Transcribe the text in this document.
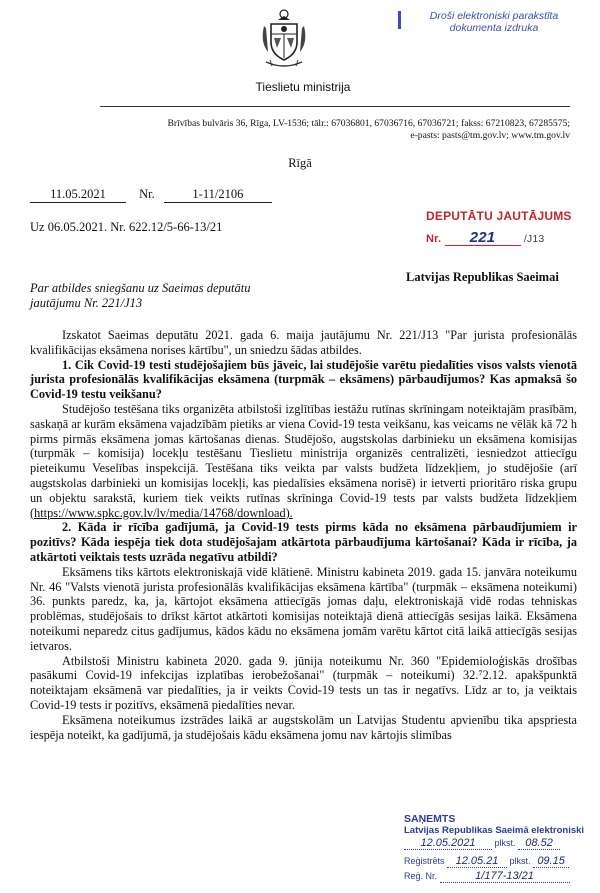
Tieslietu ministrija
Droši elektroniski parakstīta
dokumenta izdruka
Brīvības bulvāris 36, Rīga, LV-1536; tālr.: 67036801, 67036716, 67036721; fakss: 67210823, 67285575;
e-pasts: pasts@tm.gov.lv; www.tm.gov.lv
Rīgā
11.05.2021	Nr.	1-11/2106
Uz 06.05.2021. Nr. 622.12/5-66-13/21
DEPUTĀTU JAUTĀJUMS
Nr. 221	/J13
Par atbildes sniegšanu uz Saeimas deputātu
jautājumu Nr. 221/J13
Latvijas Republikas Saeimai

Izskatot Saeimas deputātu 2021. gada 6. maija jautājumu Nr. 221/J13 "Par jurista profesionālās kvalifikācijas eksāmena norises kārtību", un sniedzu šādas atbildes.

1. Cik Covid-19 testi studējošajiem būs jāveic, lai studējošie varētu piedalīties visos valsts vienotā jurista profesionālās kvalifikācijas eksāmena (turpmāk – eksāmens) pārbaudījumos? Kas apmaksā šo Covid-19 testu veikšanu?

Studējošo testēšana tiks organizēta atbilstoši izglītības iestāžu rutīnas skrīningam noteiktajām prasībām, saskaņā ar kurām eksāmena vajadzībām pietiks ar viena Covid-19 testa veikšanu, kas veicams ne vēlāk kā 72 h pirms pirmās eksāmena jomas kārtošanas dienas. Studējošo, augstskolas darbinieku un eksāmena komisijas (turpmāk – komisija) locekļu testēšanu Tieslietu ministrija organizēs centralizēti, iesniedzot attiecīgu pieteikumu Veselības inspekcijā. Testēšana tiks veikta par valsts budžeta līdzekļiem, jo studējošie (arī augstskolas darbinieki un komisijas locekļi, kas piedalīsies eksāmena norisē) ir ietverti prioritāro riska grupu un objektu sarakstā, kuriem tiek veikts rutīnas skrīninga Covid-19 tests par valsts budžeta līdzekļiem (https://www.spkc.gov.lv/lv/media/14768/download).

2. Kāda ir rīcība gadījumā, ja Covid-19 tests pirms kāda no eksāmena pārbaudījumiem ir pozitīvs? Kāda iespēja tiek dota studējošajam atkārtota pārbaudījuma kārtošanai? Kāda ir rīcība, ja atkārtoti veiktais tests uzrāda negatīvu atbildi?

Eksāmens tiks kārtots elektroniskajā vidē klātienē. Ministru kabineta 2019. gada 15. janvāra noteikumu Nr. 46 "Valsts vienotā jurista profesionālās kvalifikācijas eksāmena kārtība" (turpmāk – eksāmena noteikumi) 36. punkts paredz, ka, ja, kārtojot eksāmena attiecīgās jomas daļu, elektroniskajā vidē rodas tehniskas problēmas, studējošais to drīkst kārtot atkārtoti komisijas noteiktajā dienā attiecīgās sesijas laikā. Eksāmena noteikumi neparedz citus gadījumus, kādos kādu no eksāmena jomām varētu kārtot citā laikā attiecīgās sesijas ietvaros.

Atbilstoši Ministru kabineta 2020. gada 9. jūnija noteikumu Nr. 360 "Epidemioloģiskās drošības pasākumi Covid-19 infekcijas izplatības ierobežošanai" (turpmāk – noteikumi) 32.⁷2.12. apakšpunktā noteiktajam eksāmenā var piedalīties, ja ir veikts Covid-19 tests un tas ir negatīvs. Līdz ar to, ja veiktais Covid-19 tests ir pozitīvs, eksāmenā piedalīties nevar.

Eksāmena noteikumus izstrādes laikā ar augstskolām un Latvijas Studentu apvienību tika apspriesta iespēja noteikt, ka gadījumā, ja studējošais kādu eksāmena jomu nav kārtojis slimības

SAŅEMTS
Latvijas Republikas Saeimā elektroniski
12.05.2021 plkst. 08.52
Reģistrēts 12.05.21 plkst. 09.15
Reģ. Nr.	1/177-13/21
